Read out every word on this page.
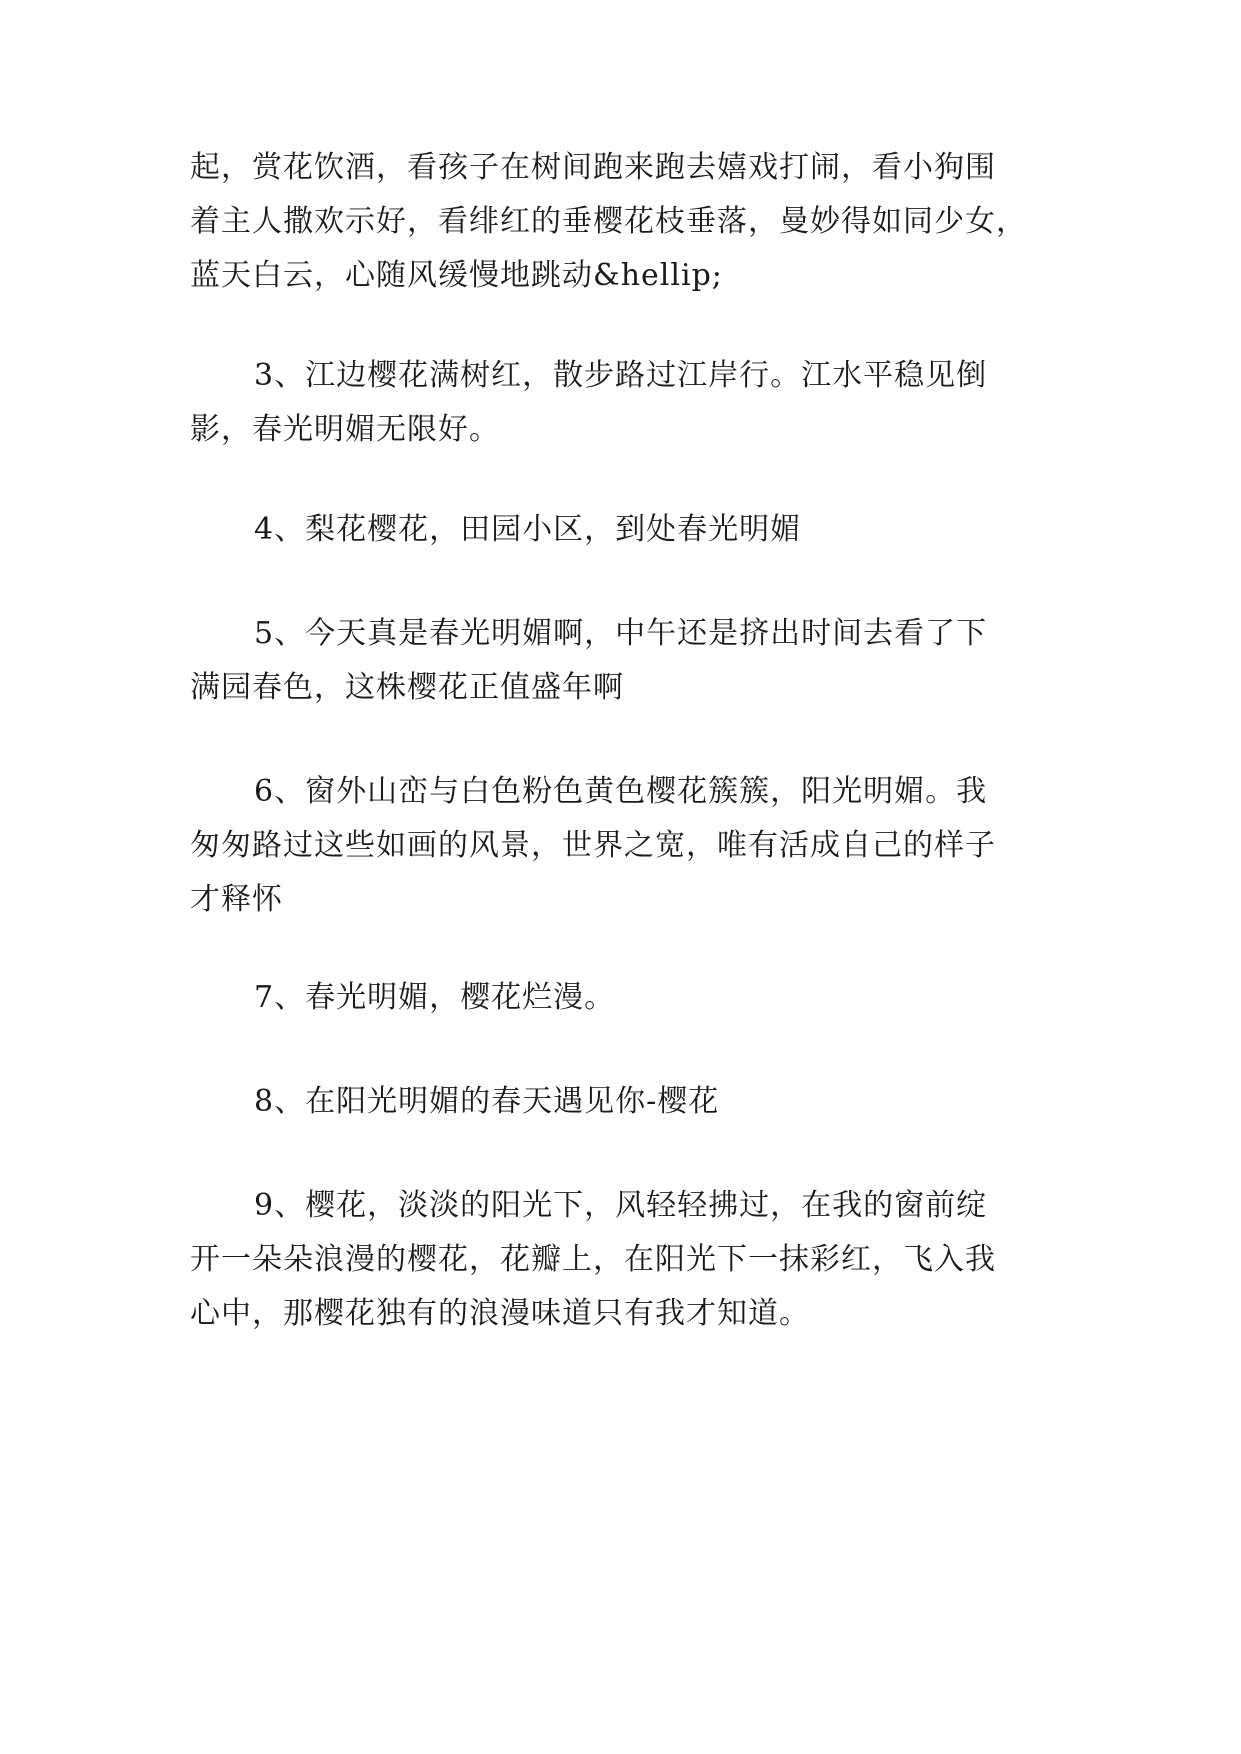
起，赏花饮酒，看孩子在树间跑来跑去嬉戏打闹，看小狗围
着主人撒欢示好，看绯红的垂樱花枝垂落，曼妙得如同少女，
蓝天白云，心随风缓慢地跳动&hellip;
3、江边樱花满树红，散步路过江岸行。江水平稳见倒
影，春光明媚无限好。
4、梨花樱花，田园小区，到处春光明媚
5、今天真是春光明媚啊，中午还是挤出时间去看了下
满园春色，这株樱花正值盛年啊
6、窗外山峦与白色粉色黄色樱花簇簇，阳光明媚。我
匆匆路过这些如画的风景，世界之宽，唯有活成自己的样子
才释怀
7、春光明媚，樱花烂漫。
8、在阳光明媚的春天遇见你-樱花
9、樱花，淡淡的阳光下，风轻轻拂过，在我的窗前绽
开一朵朵浪漫的樱花，花瓣上，在阳光下一抹彩红，飞入我
心中，那樱花独有的浪漫味道只有我才知道。
